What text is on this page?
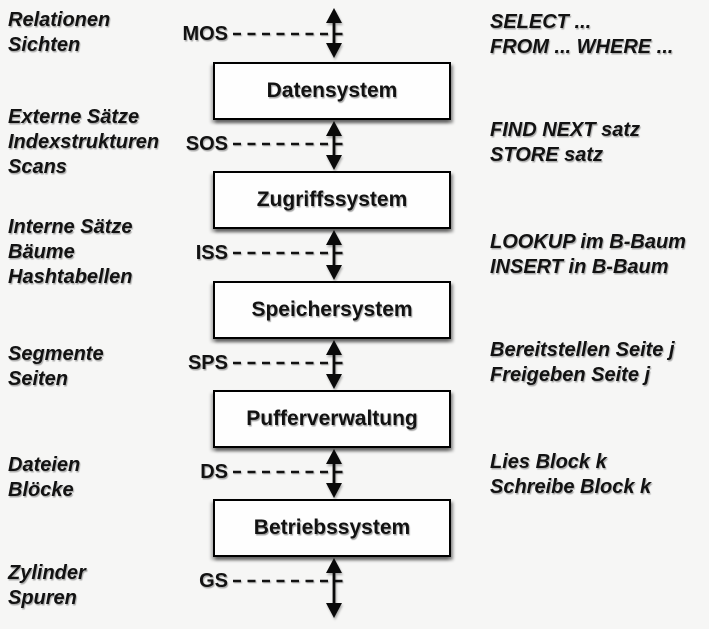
Relationen
Sichten
Externe Sätze
Indexstrukturen
Scans
Interne Sätze
Bäume
Hashtabellen
Segmente
Seiten
Dateien
Blöcke
Zylinder
Spuren
SELECT ...
FROM ... WHERE ...
FIND NEXT satz
STORE satz
LOOKUP im B-Baum
INSERT in B-Baum
Bereitstellen Seite j
Freigeben Seite j
Lies Block k
Schreibe Block k
MOS
SOS
ISS
SPS
DS
GS
Datensystem
Zugriffssystem
Speichersystem
Pufferverwaltung
Betriebssystem
